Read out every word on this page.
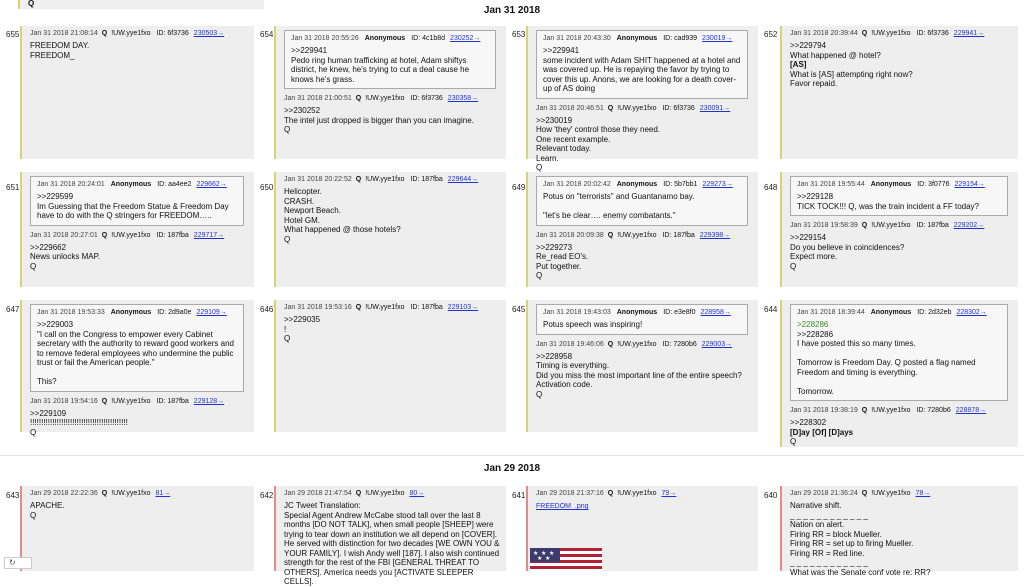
Q
Jan 31 2018
655 Jan 31 2018 21:08:14 Q !UW.yye1fxo ID: 6f3736 230503→
FREEDOM DAY.
FREEDOM_
654	Jan 31 2018 20:55:26 Anonymous ID: 4c1b8d 230252→
>>229941
Pedo ring human trafficking at hotel, Adam shiftys district, he knew, he's trying to cut a deal cause he knows he's grass.
Jan 31 2018 21:00:51 Q !UW.yye1fxo ID: 6f3736 230358→
>>230252
The intel just dropped is bigger than you can imagine.
Q
653	Jan 31 2018 20:43:30 Anonymous ID: cad939 230019→
>>229941
some incident with Adam SHIT happened at a hotel and was covered up. He is repaying the favor by trying to cover this up. Anons, we are looking for a death cover-up of AS doing
Jan 31 2018 20:46:51 Q !UW.yye1fxo ID: 6f3736 230091→
>>230019
How 'they' control those they need.
One recent example.
Relevant today.
Learn.
Q
652 Jan 31 2018 20:39:44 Q !UW.yye1fxo ID: 6f3736 229941→
>>229794
What happened @ hotel?
[AS]
What is [AS] attempting right now?
Favor repaid.
651	Jan 31 2018 20:24:01 Anonymous ID: aa4ee2 229662→
>>229599
Im Guessing that the Freedom Statue & Freedom Day have to do with the Q stringers for FREEDOM…..
Jan 31 2018 20:27:01 Q !UW.yye1fxo ID: 187fba 229717→
>>229662
News unlocks MAP.
Q
650
Jan 31 2018 20:22:52 Q !UW.yye1fxo ID: 187fba 229644→
Helicopter.
CRASH.
Newport Beach.
Hotel GM.
What happened @ those hotels?
Q
649	Jan 31 2018 20:02:42 Anonymous ID: 5b7bb1 229273→
Potus on "terrorists" and Guantanamo bay.

"let's be clear…. enemy combatants."
Jan 31 2018 20:09:38 Q !UW.yye1fxo ID: 187fba 229398→
>>229273
Re_read EO's.
Put together.
Q
648	Jan 31 2018 19:55:44 Anonymous ID: 3f0776 229154→
>>229128
TICK TOCK!!! Q, was the train incident a FF today?
Jan 31 2018 19:58:39 Q !UW.yye1fxo ID: 187fba 229202→
>>229154
Do you believe in coincidences?
Expect more.
Q
647	Jan 31 2018 19:53:33 Anonymous ID: 2d9a0e 229109→
>>229003
"I call on the Congress to empower every Cabinet secretary with the authority to reward good workers and to remove federal employees who undermine the public trust or fail the American people."

This?
Jan 31 2018 19:54:16 Q !UW.yye1fxo ID: 187fba 229128→
>>229109
!!!!!!!!!!!!!!!!!!!!!!!!!!!!!!!!!!!!!!!!!!!!
Q
646 Jan 31 2018 19:53:16 Q !UW.yye1fxo ID: 187fba 229103→
>>229035
!
Q
645	Jan 31 2018 19:43:03 Anonymous ID: e3e8f0 228958→
Potus speech was inspiring!
Jan 31 2018 19:46:06 Q !UW.yye1fxo ID: 7280b6 229003→
>>228958
Timing is everything.
Did you miss the most important line of the entire speech?
Activation code.
Q
644	Jan 31 2018 18:39:44 Anonymous ID: 2d32eb 228302→
>228286
>>228286
I have posted this so many times.

Tomorrow is Freedom Day. Q posted a flag named Freedom and timing is everything.

Tomorrow.
Jan 31 2018 19:38:19 Q !UW.yye1fxo ID: 7280b6 228878→
>>228302
[D]ay [Of] [D]ays
Q
Jan 29 2018
643 Jan 29 2018 22:22:36 Q !UW.yye1fxo 81→
APACHE.
Q
642 Jan 29 2018 21:47:54 Q !UW.yye1fxo 80→
JC Tweet Translation:
Special Agent Andrew McCabe stood tall over the last 8 months [DO NOT TALK], when small people [SHEEP] were trying to tear down an institution we all depend on [COVER]. He served with distinction for two decades [WE OWN YOU & YOUR FAMILY]. I wish Andy well [187]. I also wish continued strength for the rest of the FBI [GENERAL THREAT TO OTHERS]. America needs you [ACTIVATE SLEEPER CELLS].
641 Jan 29 2018 21:37:16 Q !UW.yye1fxo 79→
FREEDOM_.png
★ ★ ★
★ ★
640 Jan 29 2018 21:36:24 Q !UW.yye1fxo 78→
Narrative shift.
_ _ _ _ _ _ _ _ _ _ _ _
Nation on alert.
Firing RR = block Mueller.
Firing RR = set up to firing Mueller.
Firing RR = Red line.
_ _ _ _ _ _ _ _ _ _ _ _
What was the Senate conf vote re: RR?
↻
